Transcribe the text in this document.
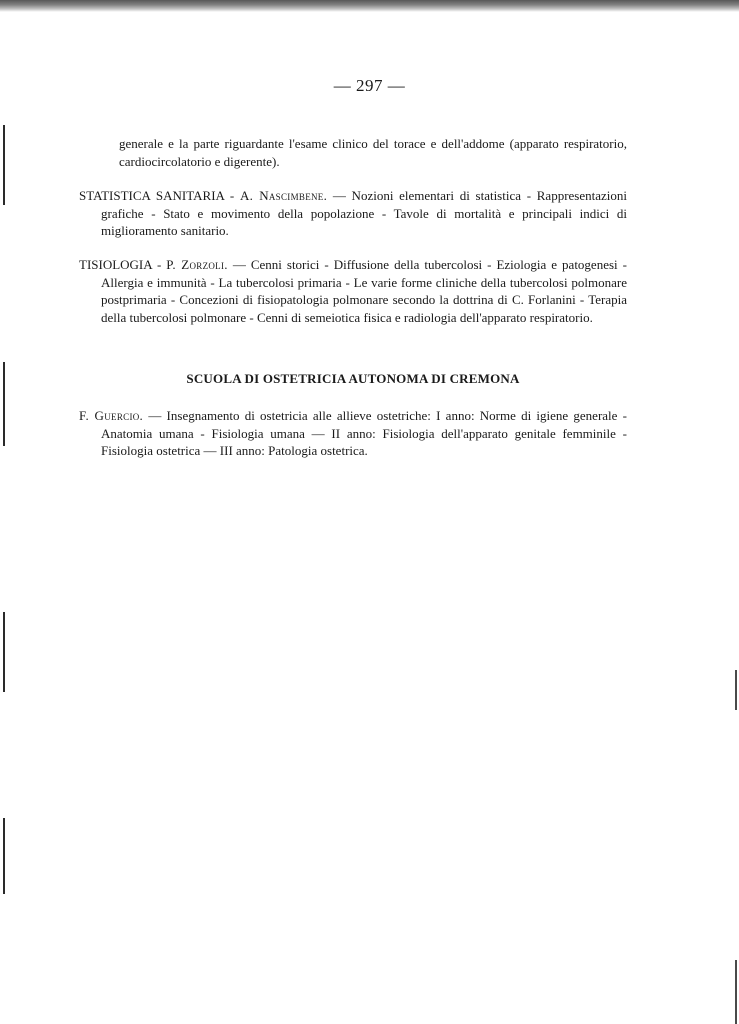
— 297 —

generale e la parte riguardante l'esame clinico del torace e dell'addome (apparato respiratorio, cardiocircolatorio e digerente).

STATISTICA SANITARIA - A. Nascimbene. — Nozioni elementari di statistica - Rappresentazioni grafiche - Stato e movimento della popolazione - Tavole di mortalità e principali indici di miglioramento sanitario.

TISIOLOGIA - P. Zorzoli. — Cenni storici - Diffusione della tubercolosi - Eziologia e patogenesi - Allergia e immunità - La tubercolosi primaria - Le varie forme cliniche della tubercolosi polmonare postprimaria - Concezioni di fisiopatologia polmonare secondo la dottrina di C. Forlanini - Terapia della tubercolosi polmonare - Cenni di semeiotica fisica e radiologia dell'apparato respiratorio.

SCUOLA DI OSTETRICIA AUTONOMA DI CREMONA

F. Guercio. — Insegnamento di ostetricia alle allieve ostetriche: I anno: Norme di igiene generale - Anatomia umana - Fisiologia umana — II anno: Fisiologia dell'apparato genitale femminile - Fisiologia ostetrica — III anno: Patologia ostetrica.
